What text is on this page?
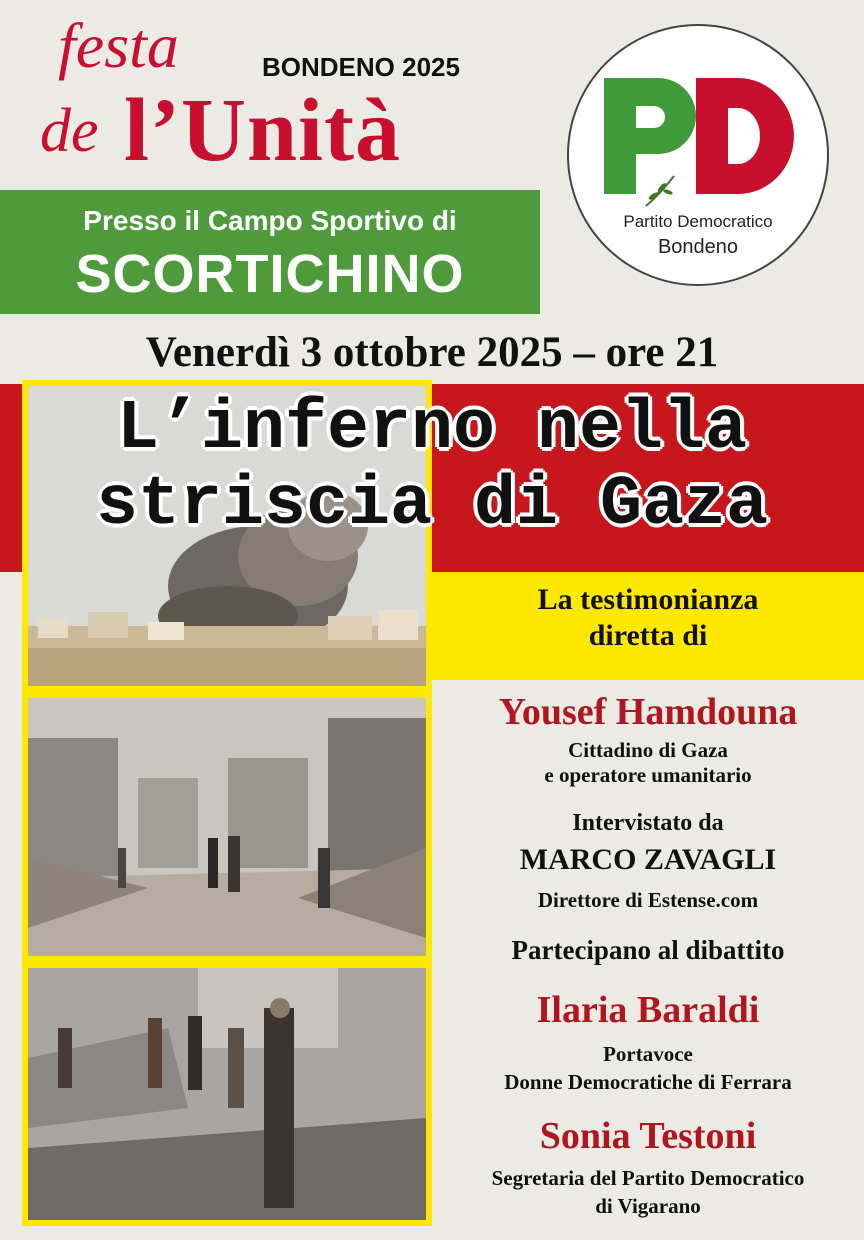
festa	BONDENO 2025
de l’Unità
Presso il Campo Sportivo di
SCORTICHINO
Partito Democratico
Bondeno
Venerdì 3 ottobre 2025 – ore 21
L’inferno nella
striscia di Gaza
La testimonianza
diretta di
Yousef Hamdouna
Cittadino di Gaza
e operatore umanitario
Intervistato da
MARCO ZAVAGLI
Direttore di Estense.com
Partecipano al dibattito
Ilaria Baraldi
Portavoce
Donne Democratiche di Ferrara
Sonia Testoni
Segretaria del Partito Democratico
di Vigarano
